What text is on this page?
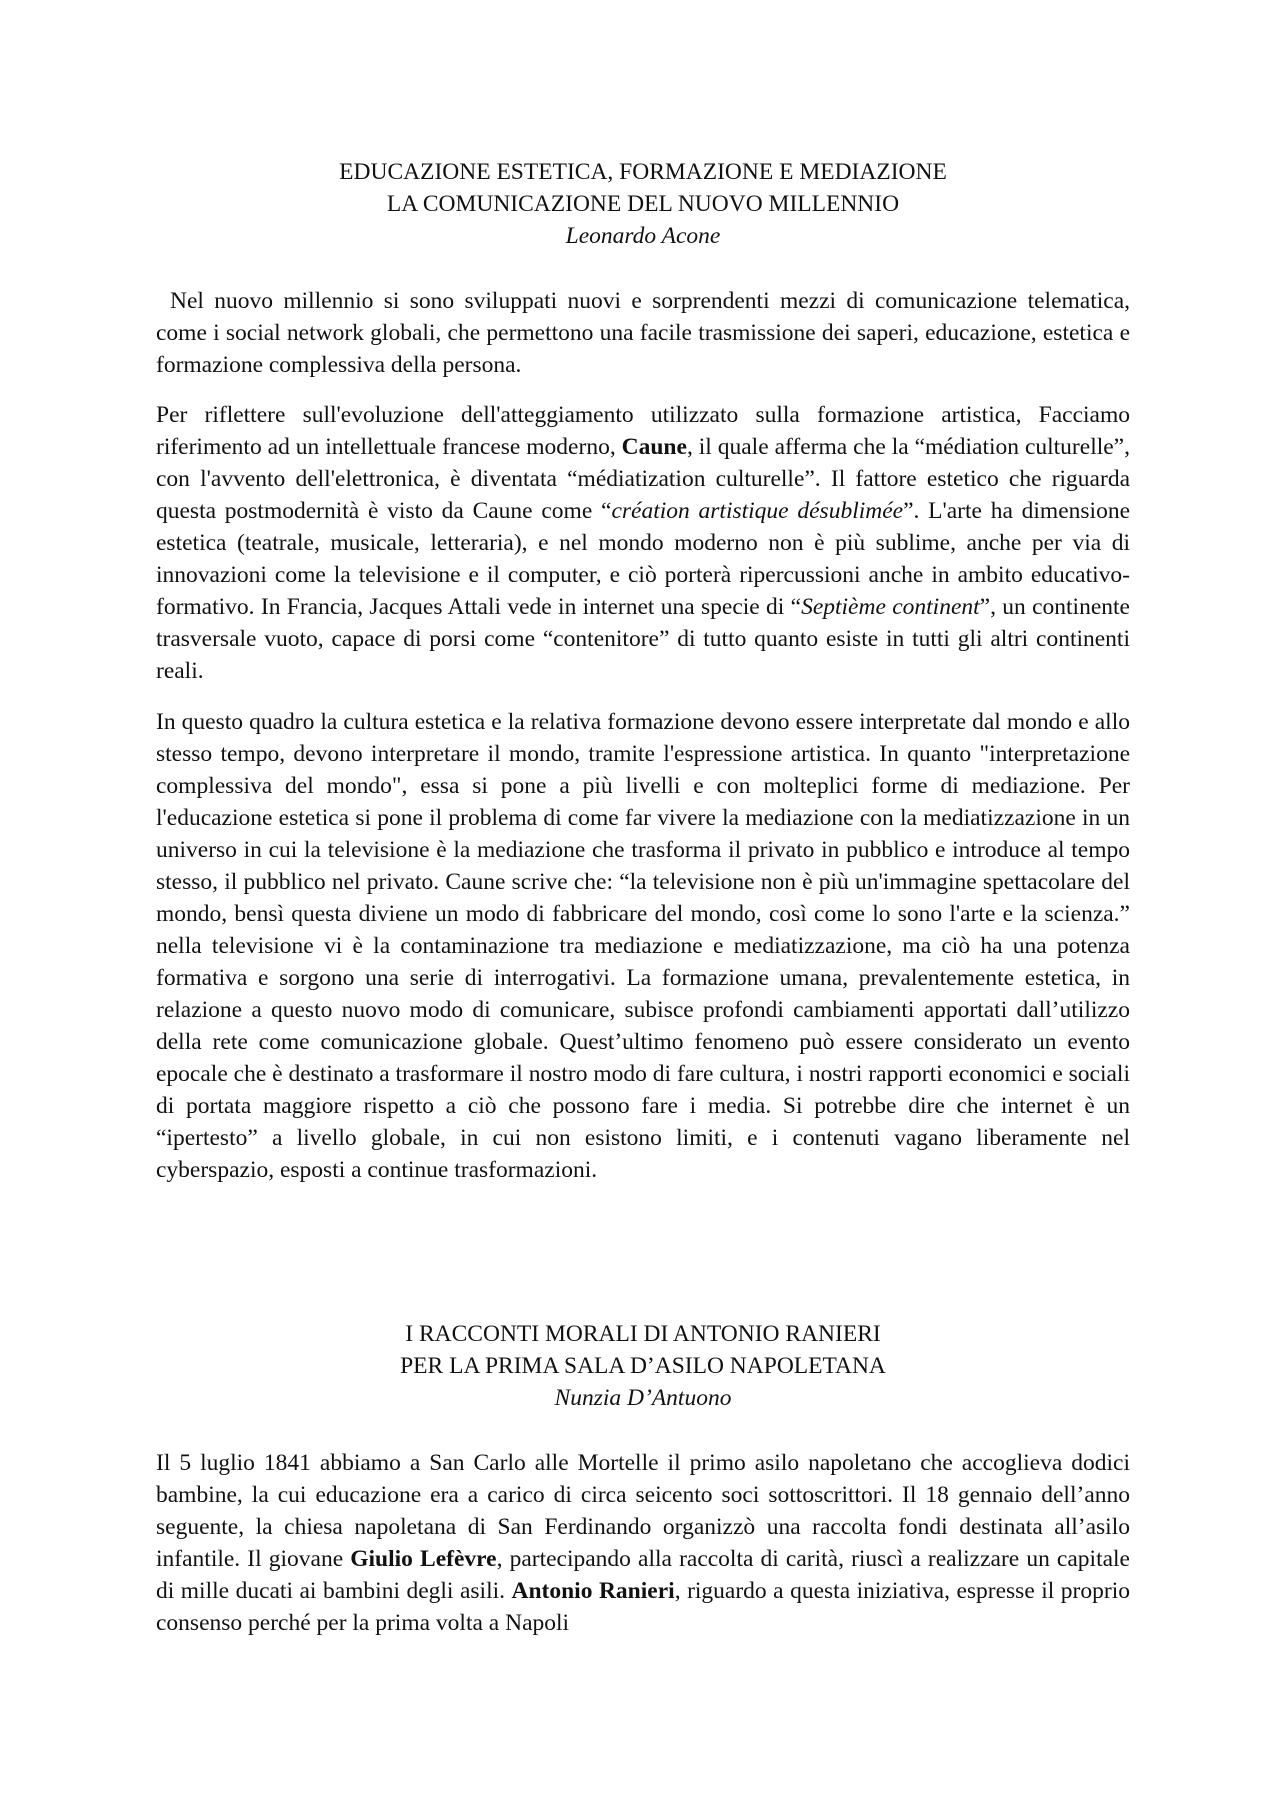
EDUCAZIONE ESTETICA, FORMAZIONE E MEDIAZIONE
LA COMUNICAZIONE DEL NUOVO MILLENNIO
Leonardo Acone

Nel nuovo millennio si sono sviluppati nuovi e sorprendenti mezzi di comunicazione telematica, come i social network globali, che permettono una facile trasmissione dei saperi, educazione, estetica e formazione complessiva della persona.

Per riflettere sull'evoluzione dell'atteggiamento utilizzato sulla formazione artistica, Facciamo riferimento ad un intellettuale francese moderno, Caune, il quale afferma che la “médiation culturelle”, con l'avvento dell'elettronica, è diventata “médiatization culturelle”. Il fattore estetico che riguarda questa postmodernità è visto da Caune come “création artistique désublimée”. L'arte ha dimensione estetica (teatrale, musicale, letteraria), e nel mondo moderno non è più sublime, anche per via di innovazioni come la televisione e il computer, e ciò porterà ripercussioni anche in ambito educativo-formativo. In Francia, Jacques Attali vede in internet una specie di “Septième continent”, un continente trasversale vuoto, capace di porsi come “contenitore” di tutto quanto esiste in tutti gli altri continenti reali.

In questo quadro la cultura estetica e la relativa formazione devono essere interpretate dal mondo e allo stesso tempo, devono interpretare il mondo, tramite l'espressione artistica. In quanto "interpretazione complessiva del mondo", essa si pone a più livelli e con molteplici forme di mediazione. Per l'educazione estetica si pone il problema di come far vivere la mediazione con la mediatizzazione in un universo in cui la televisione è la mediazione che trasforma il privato in pubblico e introduce al tempo stesso, il pubblico nel privato. Caune scrive che: “la televisione non è più un'immagine spettacolare del mondo, bensì questa diviene un modo di fabbricare del mondo, così come lo sono l'arte e la scienza.” nella televisione vi è la contaminazione tra mediazione e mediatizzazione, ma ciò ha una potenza formativa e sorgono una serie di interrogativi. La formazione umana, prevalentemente estetica, in relazione a questo nuovo modo di comunicare, subisce profondi cambiamenti apportati dall’utilizzo della rete come comunicazione globale. Quest’ultimo fenomeno può essere considerato un evento epocale che è destinato a trasformare il nostro modo di fare cultura, i nostri rapporti economici e sociali di portata maggiore rispetto a ciò che possono fare i media. Si potrebbe dire che internet è un “ipertesto” a livello globale, in cui non esistono limiti, e i contenuti vagano liberamente nel cyberspazio, esposti a continue trasformazioni.

I RACCONTI MORALI DI ANTONIO RANIERI
PER LA PRIMA SALA D’ASILO NAPOLETANA
Nunzia D’Antuono

Il 5 luglio 1841 abbiamo a San Carlo alle Mortelle il primo asilo napoletano che accoglieva dodici bambine, la cui educazione era a carico di circa seicento soci sottoscrittori. Il 18 gennaio dell’anno seguente, la chiesa napoletana di San Ferdinando organizzò una raccolta fondi destinata all’asilo infantile. Il giovane Giulio Lefèvre, partecipando alla raccolta di carità, riuscì a realizzare un capitale di mille ducati ai bambini degli asili. Antonio Ranieri, riguardo a questa iniziativa, espresse il proprio consenso perché per la prima volta a Napoli
